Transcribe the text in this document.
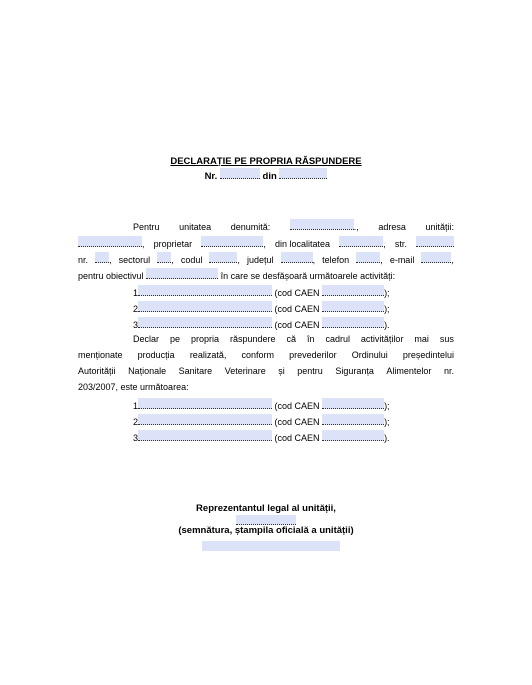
DECLARAȚIE PE PROPRIA RĂSPUNDERE
Nr.	din
Pentru unitatea denumită:	., adresa unității:
, proprietar	, din localitatea	, str.
nr.	, sectorul	, codul	, județul	, telefon	, e-mail	,
pentru obiectivul	în care se desfășoară următoarele activități:
1	(cod CAEN	);
2	(cod CAEN	);
3	(cod CAEN	).
Declar pe propria răspundere că în cadrul activităților mai sus
menționate producția realizată, conform prevederilor Ordinului președintelui
Autorității Naționale Sanitare Veterinare și pentru Siguranța Alimentelor nr.
203/2007, este următoarea:
1	(cod CAEN	);
2	(cod CAEN	);
3	(cod CAEN	).
Reprezentantul legal al unității,
(semnătura, ștampila oficială a unității)
